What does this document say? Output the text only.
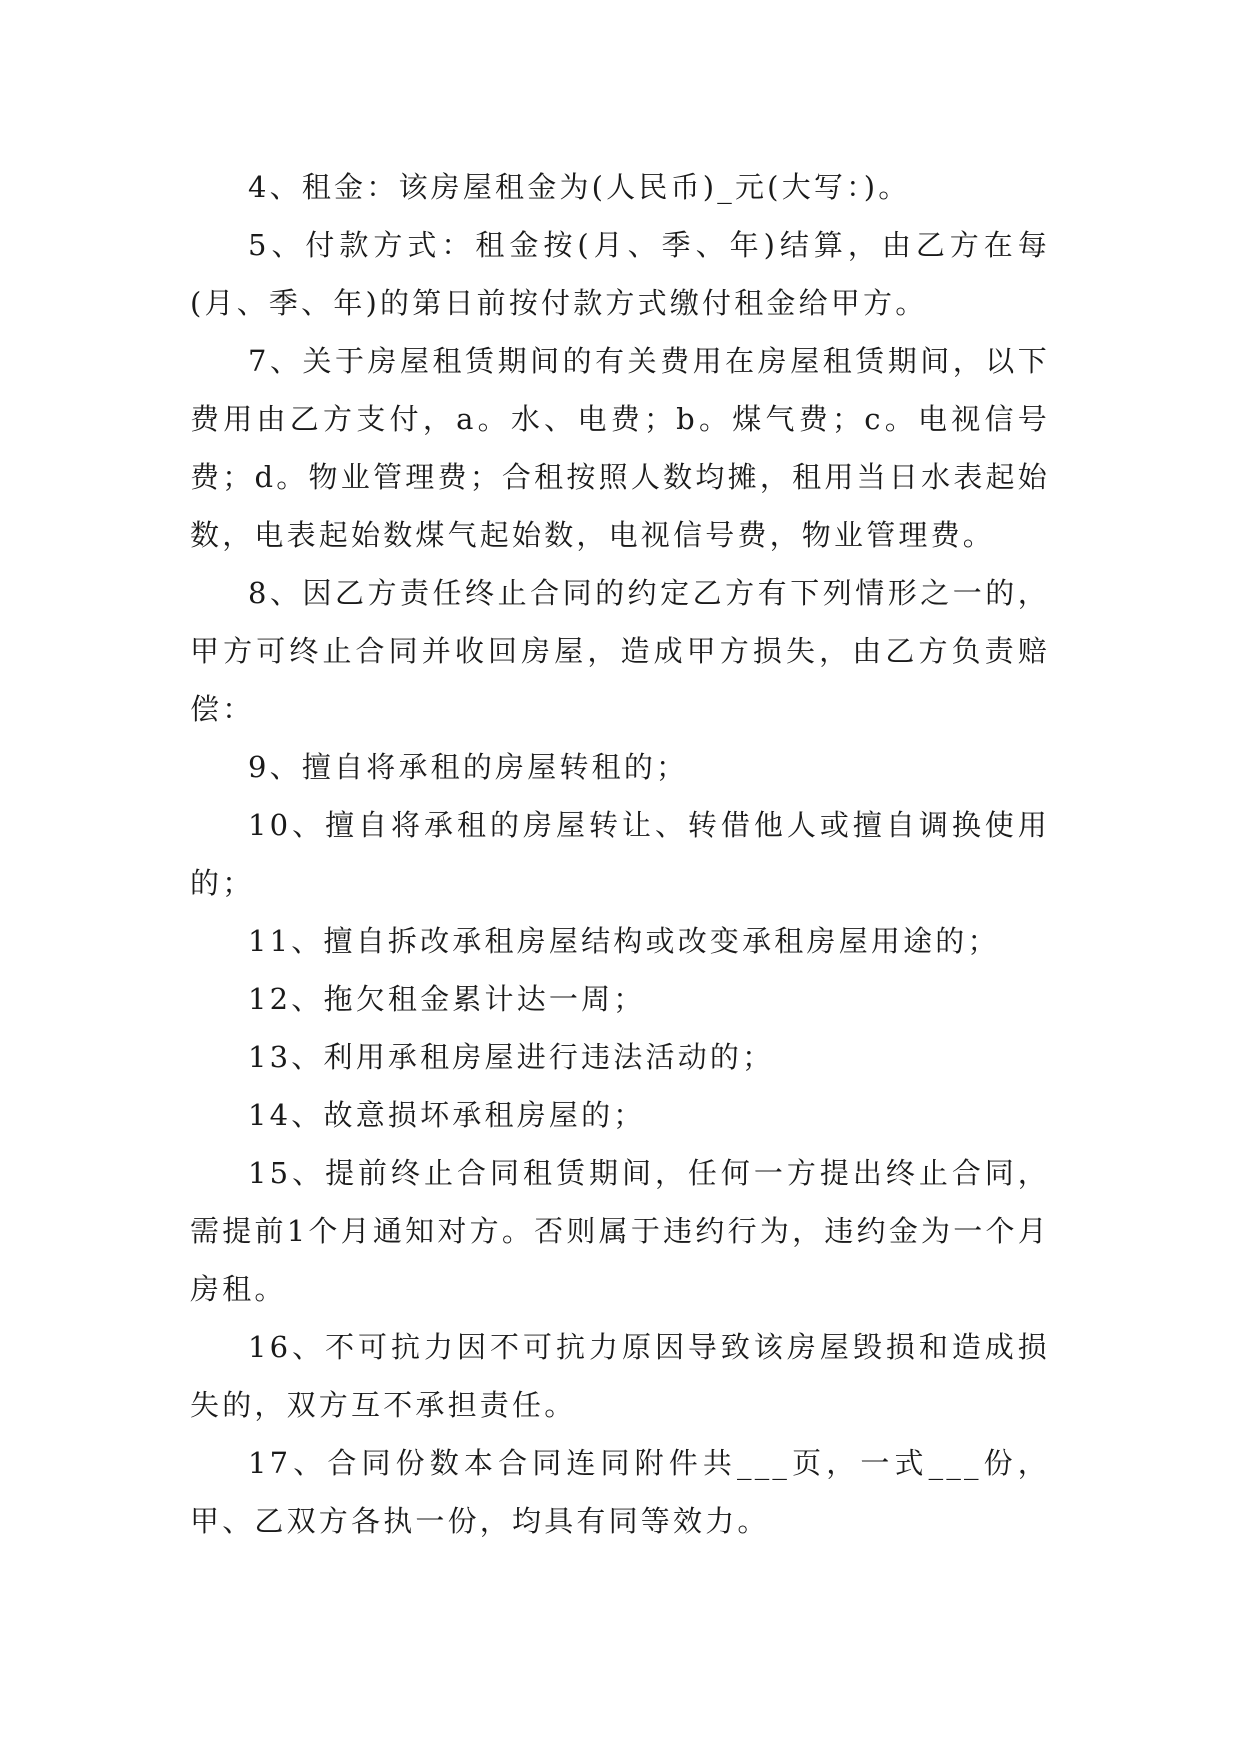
4、租金：该房屋租金为(人民币)_元(大写：)。

5、付款方式：租金按(月、季、年)结算，由乙方在每(月、季、年)的第日前按付款方式缴付租金给甲方。

7、关于房屋租赁期间的有关费用在房屋租赁期间，以下费用由乙方支付，a。水、电费；b。煤气费；c。电视信号费；d。物业管理费；合租按照人数均摊，租用当日水表起始数，电表起始数煤气起始数，电视信号费，物业管理费。

8、因乙方责任终止合同的约定乙方有下列情形之一的，甲方可终止合同并收回房屋，造成甲方损失，由乙方负责赔偿：

9、擅自将承租的房屋转租的；

10、擅自将承租的房屋转让、转借他人或擅自调换使用的；

11、擅自拆改承租房屋结构或改变承租房屋用途的；

12、拖欠租金累计达一周；

13、利用承租房屋进行违法活动的；

14、故意损坏承租房屋的；

15、提前终止合同租赁期间，任何一方提出终止合同，需提前1个月通知对方。否则属于违约行为，违约金为一个月房租。

16、不可抗力因不可抗力原因导致该房屋毁损和造成损失的，双方互不承担责任。

17、合同份数本合同连同附件共___页，一式___份，甲、乙双方各执一份，均具有同等效力。
